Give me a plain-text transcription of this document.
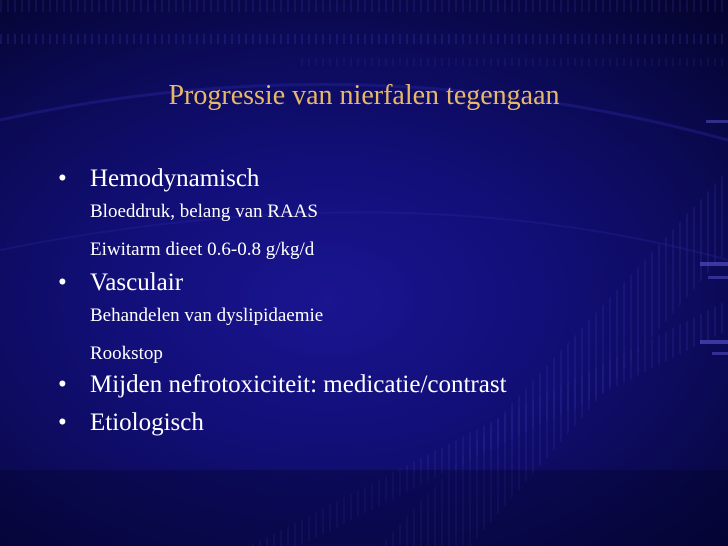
Progressie van nierfalen tegengaan
• Hemodynamisch
Bloeddruk, belang van RAAS
Eiwitarm dieet 0.6-0.8 g/kg/d
• Vasculair
Behandelen van dyslipidaemie
Rookstop
• Mijden nefrotoxiciteit: medicatie/contrast
• Etiologisch
